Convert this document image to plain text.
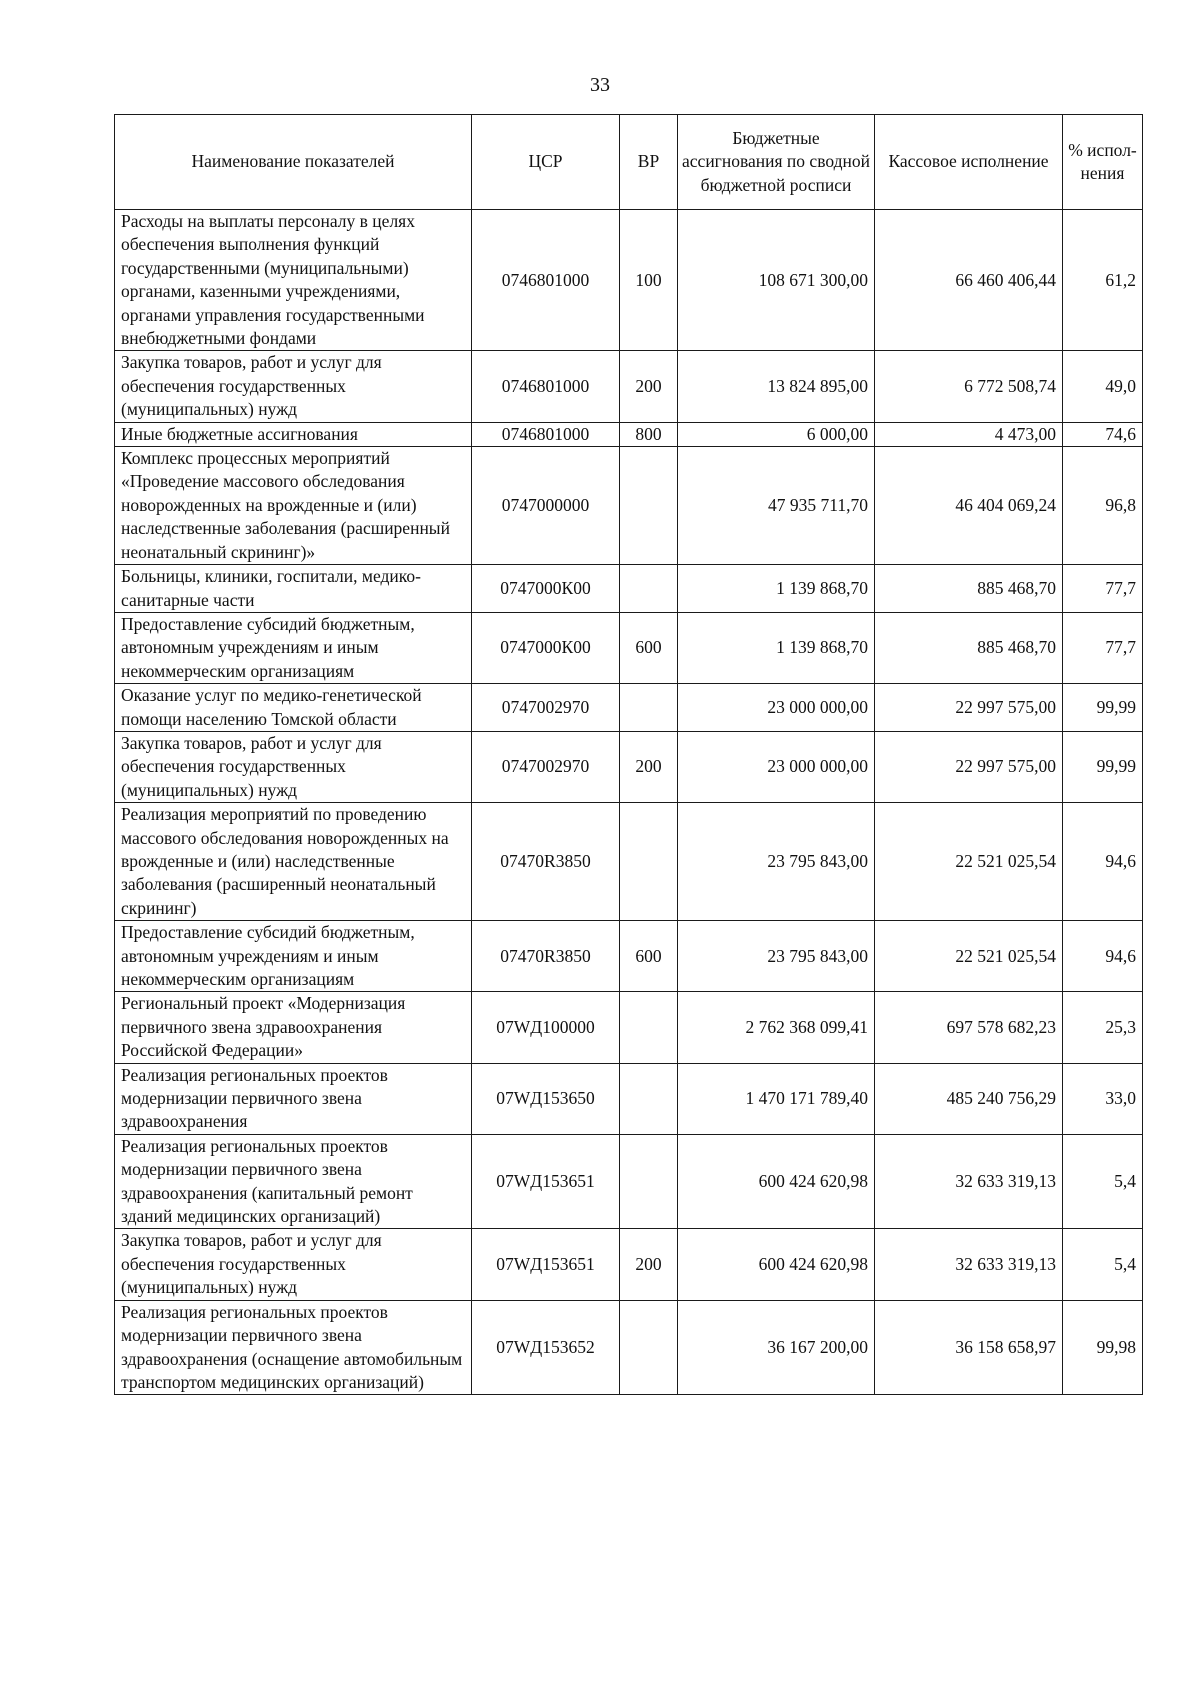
33
Наименование показателей	ЦСР	ВР	Бюджетные ассигнования по сводной бюджетной росписи	Кассовое исполнение	% испол-нения
Расходы на выплаты персоналу в целях обеспечения выполнения функций государственными (муниципальными) органами, казенными учреждениями, органами управления государственными внебюджетными фондами	0746801000	100	108 671 300,00	66 460 406,44	61,2
Закупка товаров, работ и услуг для обеспечения государственных (муниципальных) нужд	0746801000	200	13 824 895,00	6 772 508,74	49,0
Иные бюджетные ассигнования	0746801000	800	6 000,00	4 473,00	74,6
Комплекс процессных мероприятий «Проведение массового обследования новорожденных на врожденные и (или) наследственные заболевания (расширенный неонатальный скрининг)»	0747000000		47 935 711,70	46 404 069,24	96,8
Больницы, клиники, госпитали, медико-санитарные части	0747000К00		1 139 868,70	885 468,70	77,7
Предоставление субсидий бюджетным, автономным учреждениям и иным некоммерческим организациям	0747000К00	600	1 139 868,70	885 468,70	77,7
Оказание услуг по медико-генетической помощи населению Томской области	0747002970		23 000 000,00	22 997 575,00	99,99
Закупка товаров, работ и услуг для обеспечения государственных (муниципальных) нужд	0747002970	200	23 000 000,00	22 997 575,00	99,99
Реализация мероприятий по проведению массового обследования новорожденных на врожденные и (или) наследственные заболевания (расширенный неонатальный скрининг)	07470R3850		23 795 843,00	22 521 025,54	94,6
Предоставление субсидий бюджетным, автономным учреждениям и иным некоммерческим организациям	07470R3850	600	23 795 843,00	22 521 025,54	94,6
Региональный проект «Модернизация первичного звена здравоохранения Российской Федерации»	07WД100000		2 762 368 099,41	697 578 682,23	25,3
Реализация региональных проектов модернизации первичного звена здравоохранения	07WД153650		1 470 171 789,40	485 240 756,29	33,0
Реализация региональных проектов модернизации первичного звена здравоохранения (капитальный ремонт зданий медицинских организаций)	07WД153651		600 424 620,98	32 633 319,13	5,4
Закупка товаров, работ и услуг для обеспечения государственных (муниципальных) нужд	07WД153651	200	600 424 620,98	32 633 319,13	5,4
Реализация региональных проектов модернизации первичного звена здравоохранения (оснащение автомобильным транспортом медицинских организаций)	07WД153652		36 167 200,00	36 158 658,97	99,98
